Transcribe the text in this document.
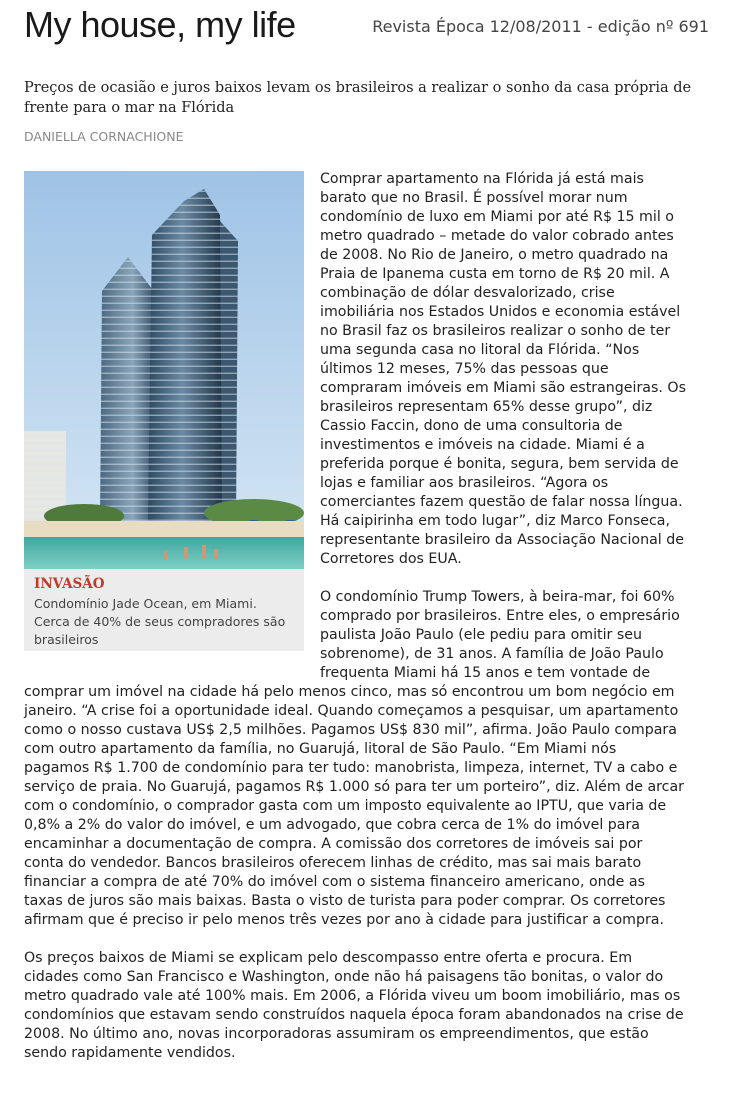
My house, my life	Revista Época 12/08/2011 - edição nº 691
Preços de ocasião e juros baixos levam os brasileiros a realizar o sonho da casa própria de frente para o mar na Flórida
DANIELLA CORNACHIONE
INVASÃO
Condomínio Jade Ocean, em Miami. Cerca de 40% de seus compradores são brasileiros

Comprar apartamento na Flórida já está mais barato que no Brasil. É possível morar num condomínio de luxo em Miami por até R$ 15 mil o metro quadrado – metade do valor cobrado antes de 2008. No Rio de Janeiro, o metro quadrado na Praia de Ipanema custa em torno de R$ 20 mil. A combinação de dólar desvalorizado, crise imobiliária nos Estados Unidos e economia estável no Brasil faz os brasileiros realizar o sonho de ter uma segunda casa no litoral da Flórida. “Nos últimos 12 meses, 75% das pessoas que compraram imóveis em Miami são estrangeiras. Os brasileiros representam 65% desse grupo”, diz Cassio Faccin, dono de uma consultoria de investimentos e imóveis na cidade. Miami é a preferida porque é bonita, segura, bem servida de lojas e familiar aos brasileiros. “Agora os comerciantes fazem questão de falar nossa língua. Há caipirinha em todo lugar”, diz Marco Fonseca, representante brasileiro da Associação Nacional de Corretores dos EUA.

O condomínio Trump Towers, à beira-mar, foi 60% comprado por brasileiros. Entre eles, o empresário paulista João Paulo (ele pediu para omitir seu sobrenome), de 31 anos. A família de João Paulo frequenta Miami há 15 anos e tem vontade de comprar um imóvel na cidade há pelo menos cinco, mas só encontrou um bom negócio em janeiro. “A crise foi a oportunidade ideal. Quando começamos a pesquisar, um apartamento como o nosso custava US$ 2,5 milhões. Pagamos US$ 830 mil”, afirma. João Paulo compara com outro apartamento da família, no Guarujá, litoral de São Paulo. “Em Miami nós pagamos R$ 1.700 de condomínio para ter tudo: manobrista, limpeza, internet, TV a cabo e serviço de praia. No Guarujá, pagamos R$ 1.000 só para ter um porteiro”, diz. Além de arcar com o condomínio, o comprador gasta com um imposto equivalente ao IPTU, que varia de 0,8% a 2% do valor do imóvel, e um advogado, que cobra cerca de 1% do imóvel para encaminhar a documentação de compra. A comissão dos corretores de imóveis sai por conta do vendedor. Bancos brasileiros oferecem linhas de crédito, mas sai mais barato financiar a compra de até 70% do imóvel com o sistema financeiro americano, onde as taxas de juros são mais baixas. Basta o visto de turista para poder comprar. Os corretores afirmam que é preciso ir pelo menos três vezes por ano à cidade para justificar a compra.

Os preços baixos de Miami se explicam pelo descompasso entre oferta e procura. Em cidades como San Francisco e Washington, onde não há paisagens tão bonitas, o valor do metro quadrado vale até 100% mais. Em 2006, a Flórida viveu um boom imobiliário, mas os condomínios que estavam sendo construídos naquela época foram abandonados na crise de 2008. No último ano, novas incorporadoras assumiram os empreendimentos, que estão sendo rapidamente vendidos.
